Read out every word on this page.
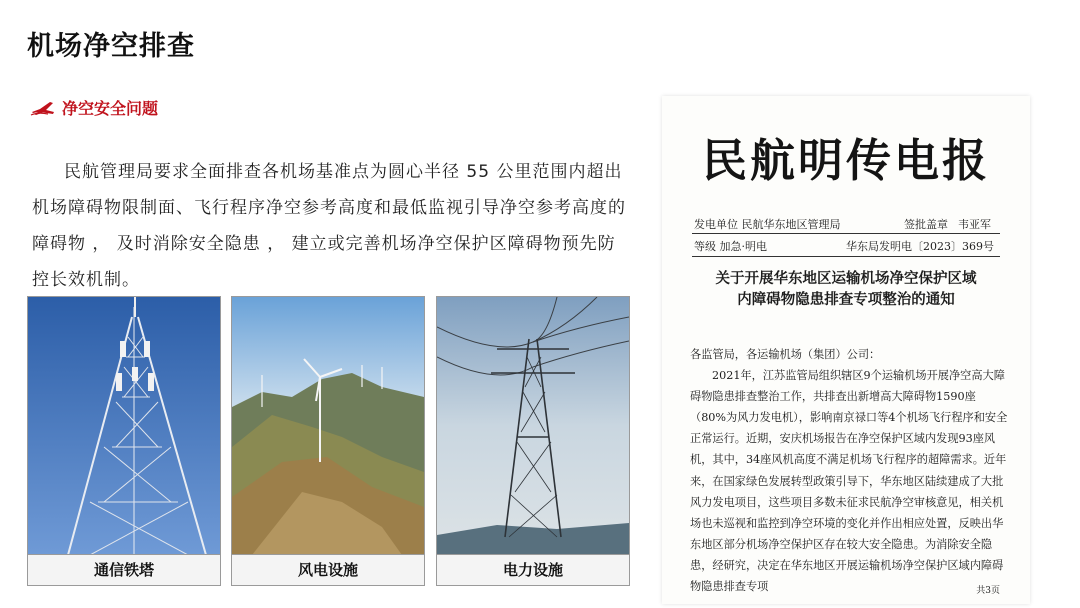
机场净空排查
净空安全问题
民航管理局要求全面排查各机场基准点为圆心半径 55 公里范围内超出机场障碍物限制面、飞行程序净空参考高度和最低监视引导净空参考高度的障碍物 ， 及时消除安全隐患 ， 建立或完善机场净空保护区障碍物预先防 控长效机制。
通信铁塔	风电设施	电力设施
民航明传电报
发电单位 民航华东地区管理局	签批盖章 韦亚军
等级 加急·明电	华东局发明电〔2023〕369号
关于开展华东地区运输机场净空保护区域
内障碍物隐患排查专项整治的通知

各监管局，各运输机场（集团）公司：

2021年，江苏监管局组织辖区9个运输机场开展净空高大障碍物隐患排查整治工作，共排查出新增高大障碍物1590座（80%为风力发电机），影响南京禄口等4个机场飞行程序和安全正常运行。近期，安庆机场报告在净空保护区域内发现93座风机，其中，34座风机高度不满足机场飞行程序的超障需求。近年来，在国家绿色发展转型政策引导下，华东地区陆续建成了大批风力发电项目，这些项目多数未征求民航净空审核意见，相关机场也未巡视和监控到净空环境的变化并作出相应处置，反映出华东地区部分机场净空保护区存在较大安全隐患。为消除安全隐患，经研究，决定在华东地区开展运输机场净空保护区域内障碍物隐患排查专项	共3页
